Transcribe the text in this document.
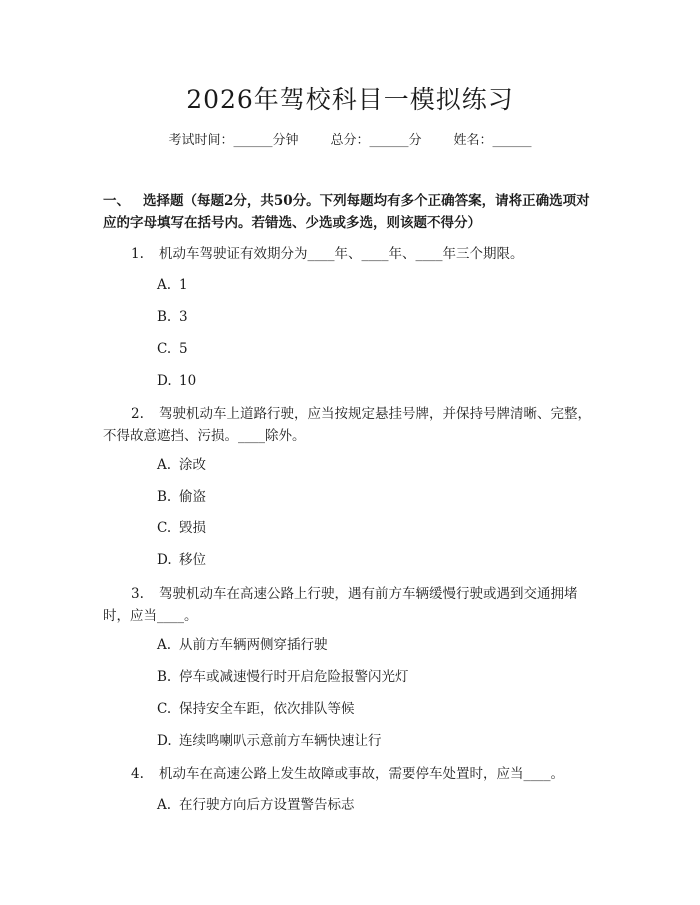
2026年驾校科目一模拟练习
考试时间：______分钟 总分：______分 姓名：______
一、 选择题（每题2分，共50分。下列每题均有多个正确答案，请将正确选项对应的字母填写在括号内。若错选、少选或多选，则该题不得分）
1. 机动车驾驶证有效期分为____年、____年、____年三个期限。
A. 1
B. 3
C. 5
D. 10
2. 驾驶机动车上道路行驶，应当按规定悬挂号牌，并保持号牌清晰、完整，不得故意遮挡、污损。____除外。
A. 涂改
B. 偷盗
C. 毁损
D. 移位
3. 驾驶机动车在高速公路上行驶，遇有前方车辆缓慢行驶或遇到交通拥堵时，应当____。
A. 从前方车辆两侧穿插行驶
B. 停车或减速慢行时开启危险报警闪光灯
C. 保持安全车距，依次排队等候
D. 连续鸣喇叭示意前方车辆快速让行
4. 机动车在高速公路上发生故障或事故，需要停车处置时，应当____。
A. 在行驶方向后方设置警告标志
